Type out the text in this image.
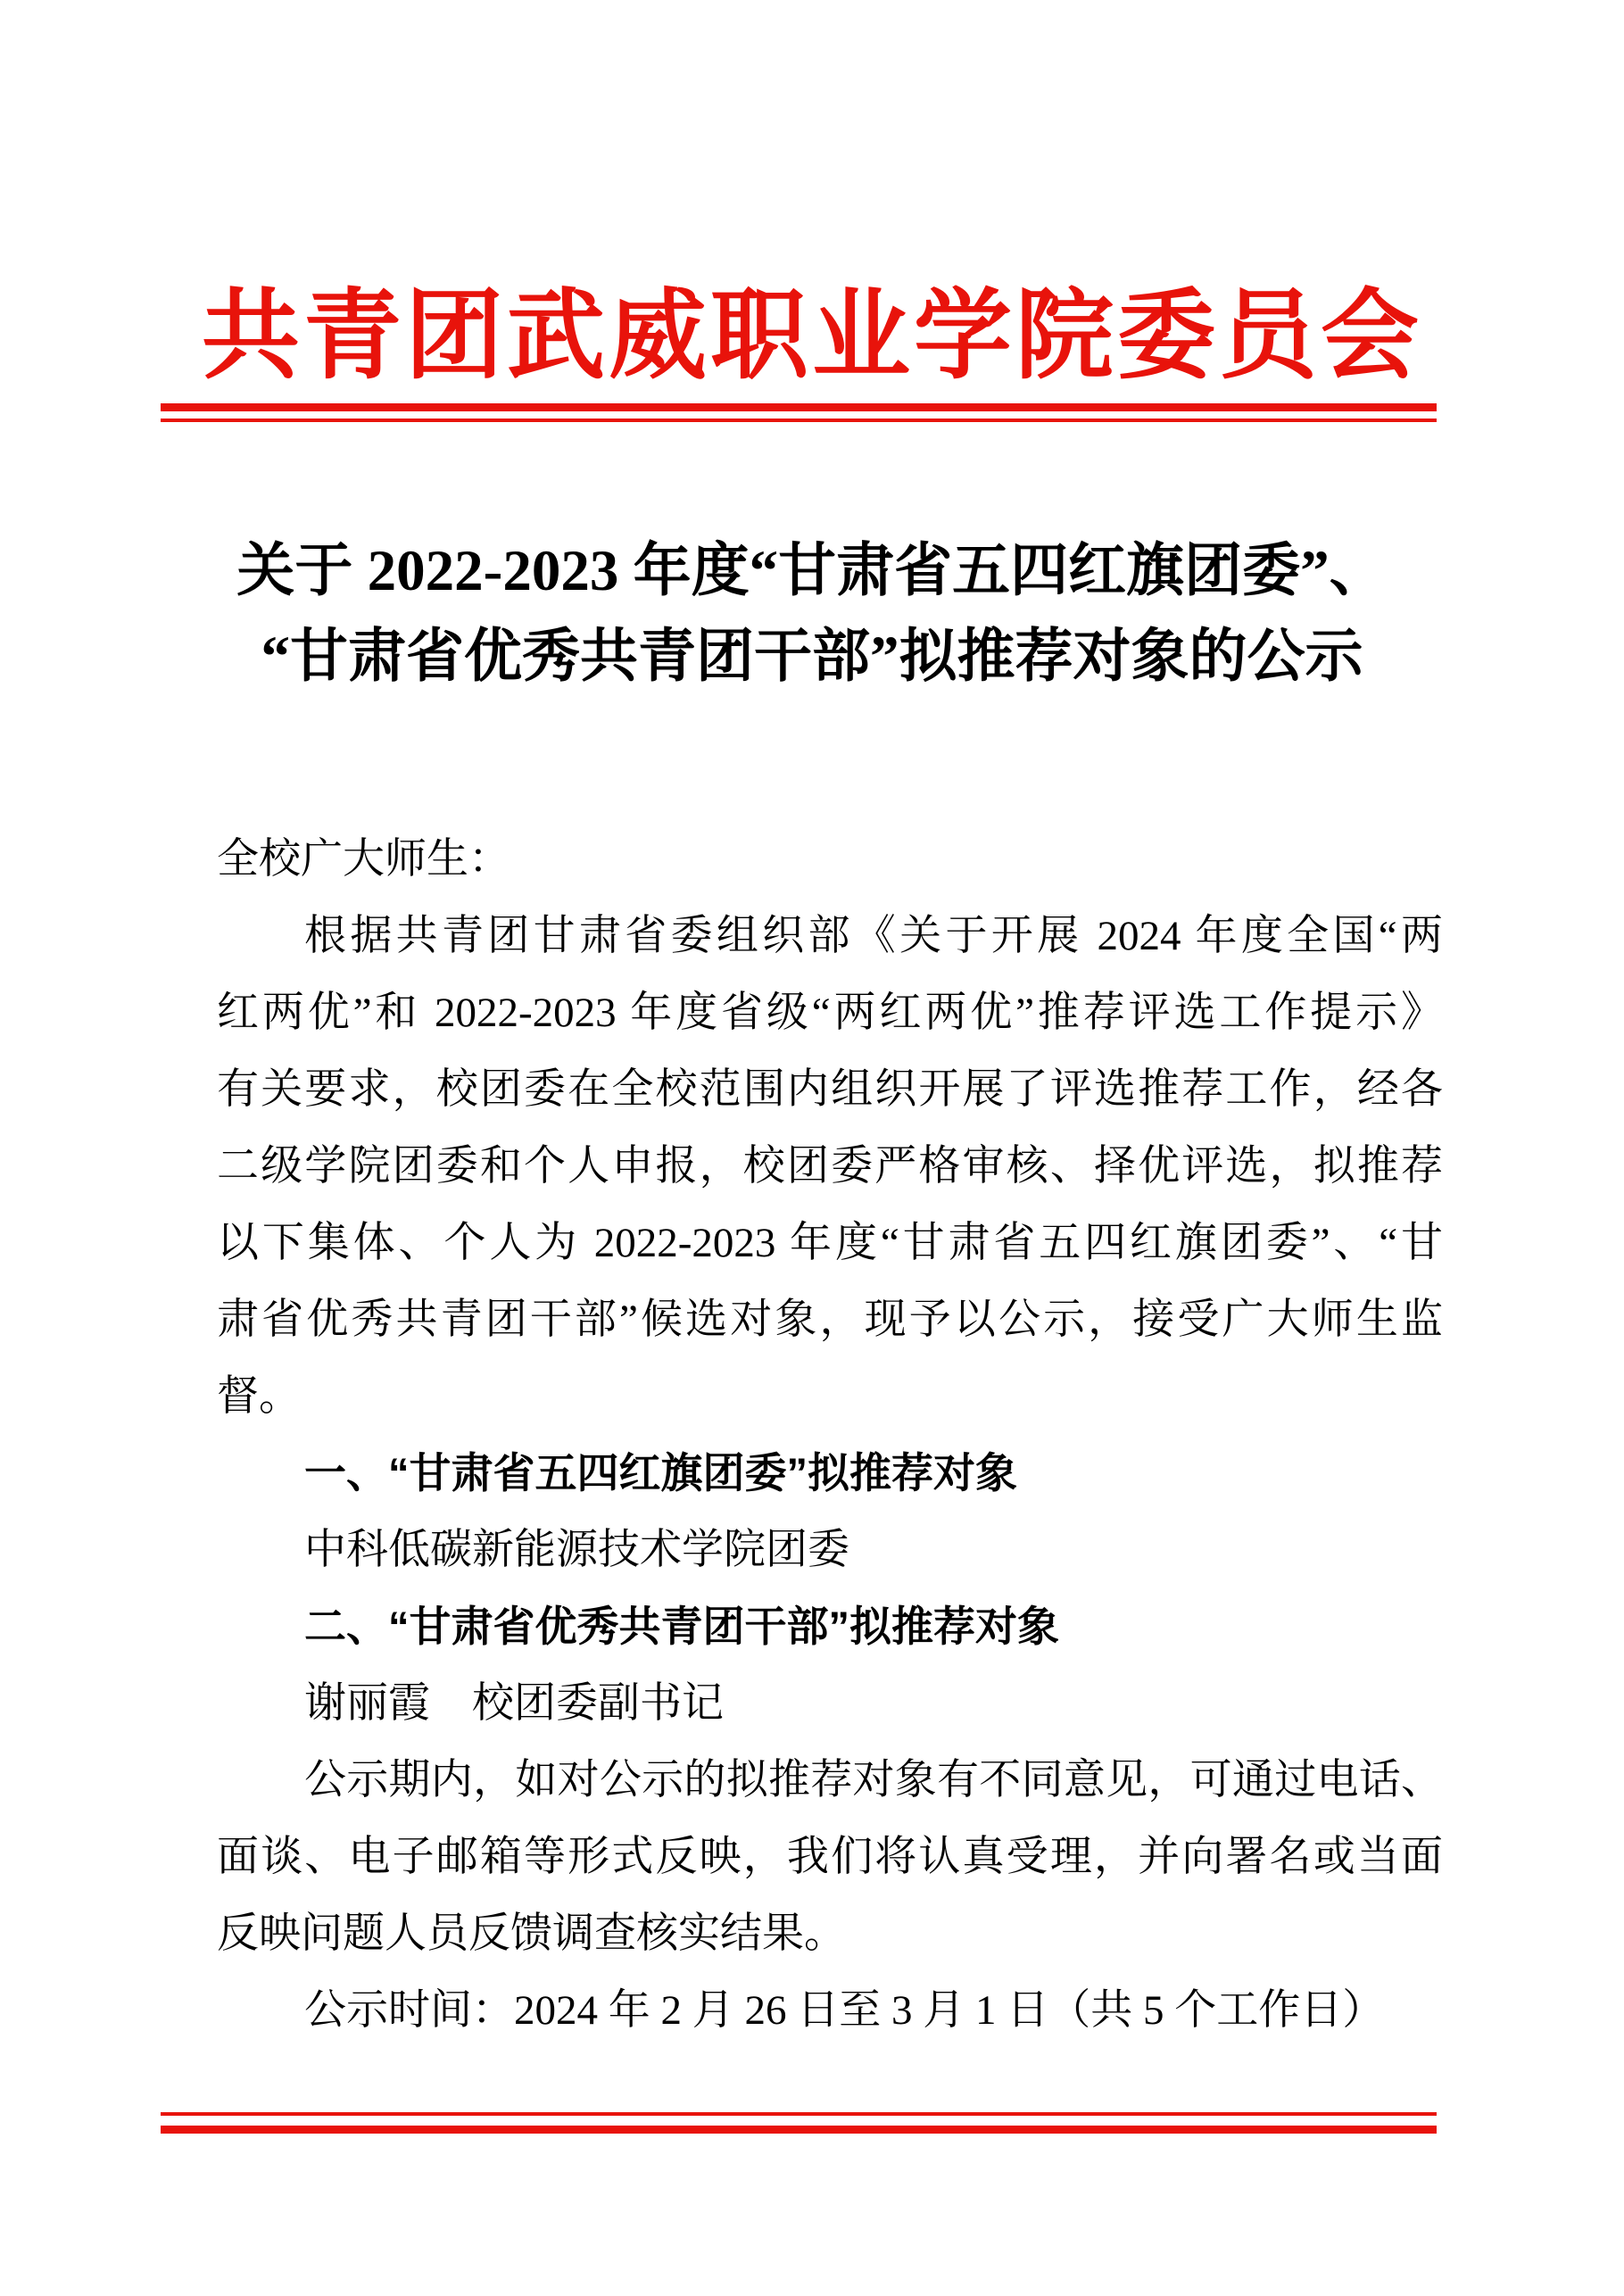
共青团武威职业学院委员会
关于 2022-2023 年度“甘肃省五四红旗团委”、
“甘肃省优秀共青团干部”拟推荐对象的公示
全校广大师生：
根据共青团甘肃省委组织部《关于开展 2024 年度全国“两
红两优”和 2022-2023 年度省级“两红两优”推荐评选工作提示》
有关要求，校团委在全校范围内组织开展了评选推荐工作，经各
二级学院团委和个人申报，校团委严格审核、择优评选，拟推荐
以下集体、个人为 2022-2023 年度“甘肃省五四红旗团委”、“甘
肃省优秀共青团干部”候选对象，现予以公示，接受广大师生监
督。
一、“甘肃省五四红旗团委”拟推荐对象
中科低碳新能源技术学院团委
二、“甘肃省优秀共青团干部”拟推荐对象
谢丽霞　校团委副书记
公示期内，如对公示的拟推荐对象有不同意见，可通过电话、
面谈、电子邮箱等形式反映，我们将认真受理，并向署名或当面
反映问题人员反馈调查核实结果。
公示时间：2024 年 2 月 26 日至 3 月 1 日（共 5 个工作日）
